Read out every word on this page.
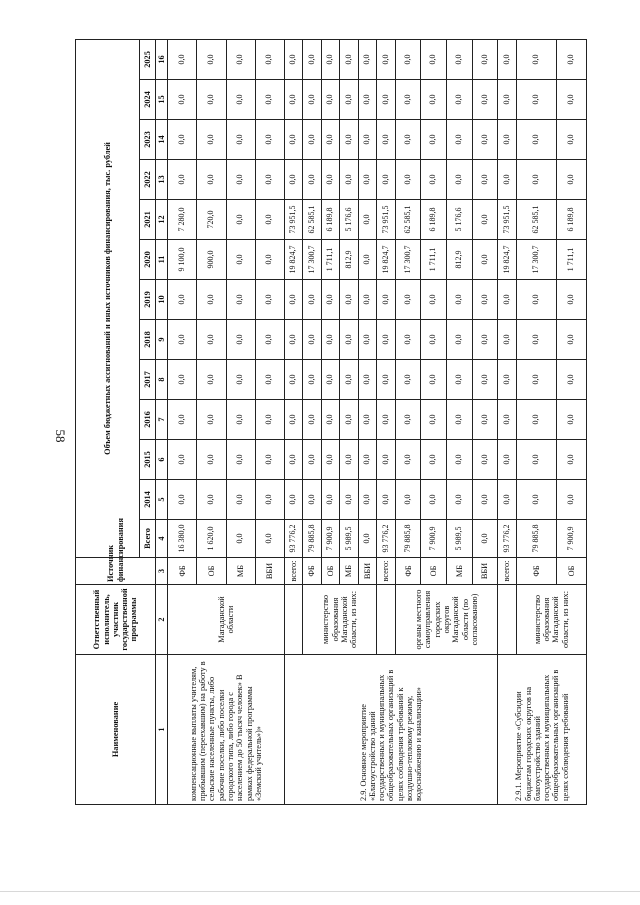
58
Наименование	Ответственный исполнитель, участник государственной программы	Источник финансирования	Объем бюджетных ассигнований и иных источников финансирования, тыс. рублей												
			Всего	2014	2015	2016	2017	2018	2019	2020	2021	2022	2023	2024	2025
1	2	3	4	5	6	7	8	9	10	11	12	13	14	15	16
компенсационные выплаты учителям, прибывшим (переехавшим) на работу в сельские населенные пункты, либо рабочие поселки, либо поселки городского типа, либо города с населением до 50 тысяч человек» В рамках федеральной программы «Земский учитель»)»	Магаданской области	ФБ	16 380,0	0,0	0,0	0,0	0,0	0,0	0,0	9 100,0	7 280,0	0,0	0,0	0,0	0,0
		ОБ	1 620,0	0,0	0,0	0,0	0,0	0,0	0,0	900,0	720,0	0,0	0,0	0,0	0,0
		МБ	0,0	0,0	0,0	0,0	0,0	0,0	0,0	0,0	0,0	0,0	0,0	0,0	0,0
		ВБИ	0,0	0,0	0,0	0,0	0,0	0,0	0,0	0,0	0,0	0,0	0,0	0,0	0,0
2.9. Основное мероприятие «Благоустройство зданий государственных и муниципальных общеобразовательных организаций в целях соблюдения требований к воздушно-тепловому режиму, водоснабжению и канализации»		всего:	93 776,2	0,0	0,0	0,0	0,0	0,0	0,0	19 824,7	73 951,5	0,0	0,0	0,0	0,0
	министерство образования Магаданской области, из них:	ФБ	79 885,8	0,0	0,0	0,0	0,0	0,0	0,0	17 300,7	62 585,1	0,0	0,0	0,0	0,0
		ОБ	7 900,9	0,0	0,0	0,0	0,0	0,0	0,0	1 711,1	6 189,8	0,0	0,0	0,0	0,0
		МБ	5 989,5	0,0	0,0	0,0	0,0	0,0	0,0	812,9	5 176,6	0,0	0,0	0,0	0,0
		ВБИ	0,0	0,0	0,0	0,0	0,0	0,0	0,0	0,0	0,0	0,0	0,0	0,0	0,0
		всего:	93 776,2	0,0	0,0	0,0	0,0	0,0	0,0	19 824,7	73 951,5	0,0	0,0	0,0	0,0
	органы местного самоуправления городских округов Магаданской области (по согласованию)	ФБ	79 885,8	0,0	0,0	0,0	0,0	0,0	0,0	17 300,7	62 585,1	0,0	0,0	0,0	0,0
		ОБ	7 900,9	0,0	0,0	0,0	0,0	0,0	0,0	1 711,1	6 189,8	0,0	0,0	0,0	0,0
		МБ	5 989,5	0,0	0,0	0,0	0,0	0,0	0,0	812,9	5 176,6	0,0	0,0	0,0	0,0
		ВБИ	0,0	0,0	0,0	0,0	0,0	0,0	0,0	0,0	0,0	0,0	0,0	0,0	0,0
2.9.1. Мероприятие «Субсидии бюджетам городских округов на благоустройство зданий государственных и муниципальных общеобразовательных организаций в целях соблюдения требований		всего:	93 776,2	0,0	0,0	0,0	0,0	0,0	0,0	19 824,7	73 951,5	0,0	0,0	0,0	0,0
	министерство образования Магаданской области, из них:	ФБ	79 885,8	0,0	0,0	0,0	0,0	0,0	0,0	17 300,7	62 585,1	0,0	0,0	0,0	0,0
		ОБ	7 900,9	0,0	0,0	0,0	0,0	0,0	0,0	1 711,1	6 189,8	0,0	0,0	0,0	0,0
